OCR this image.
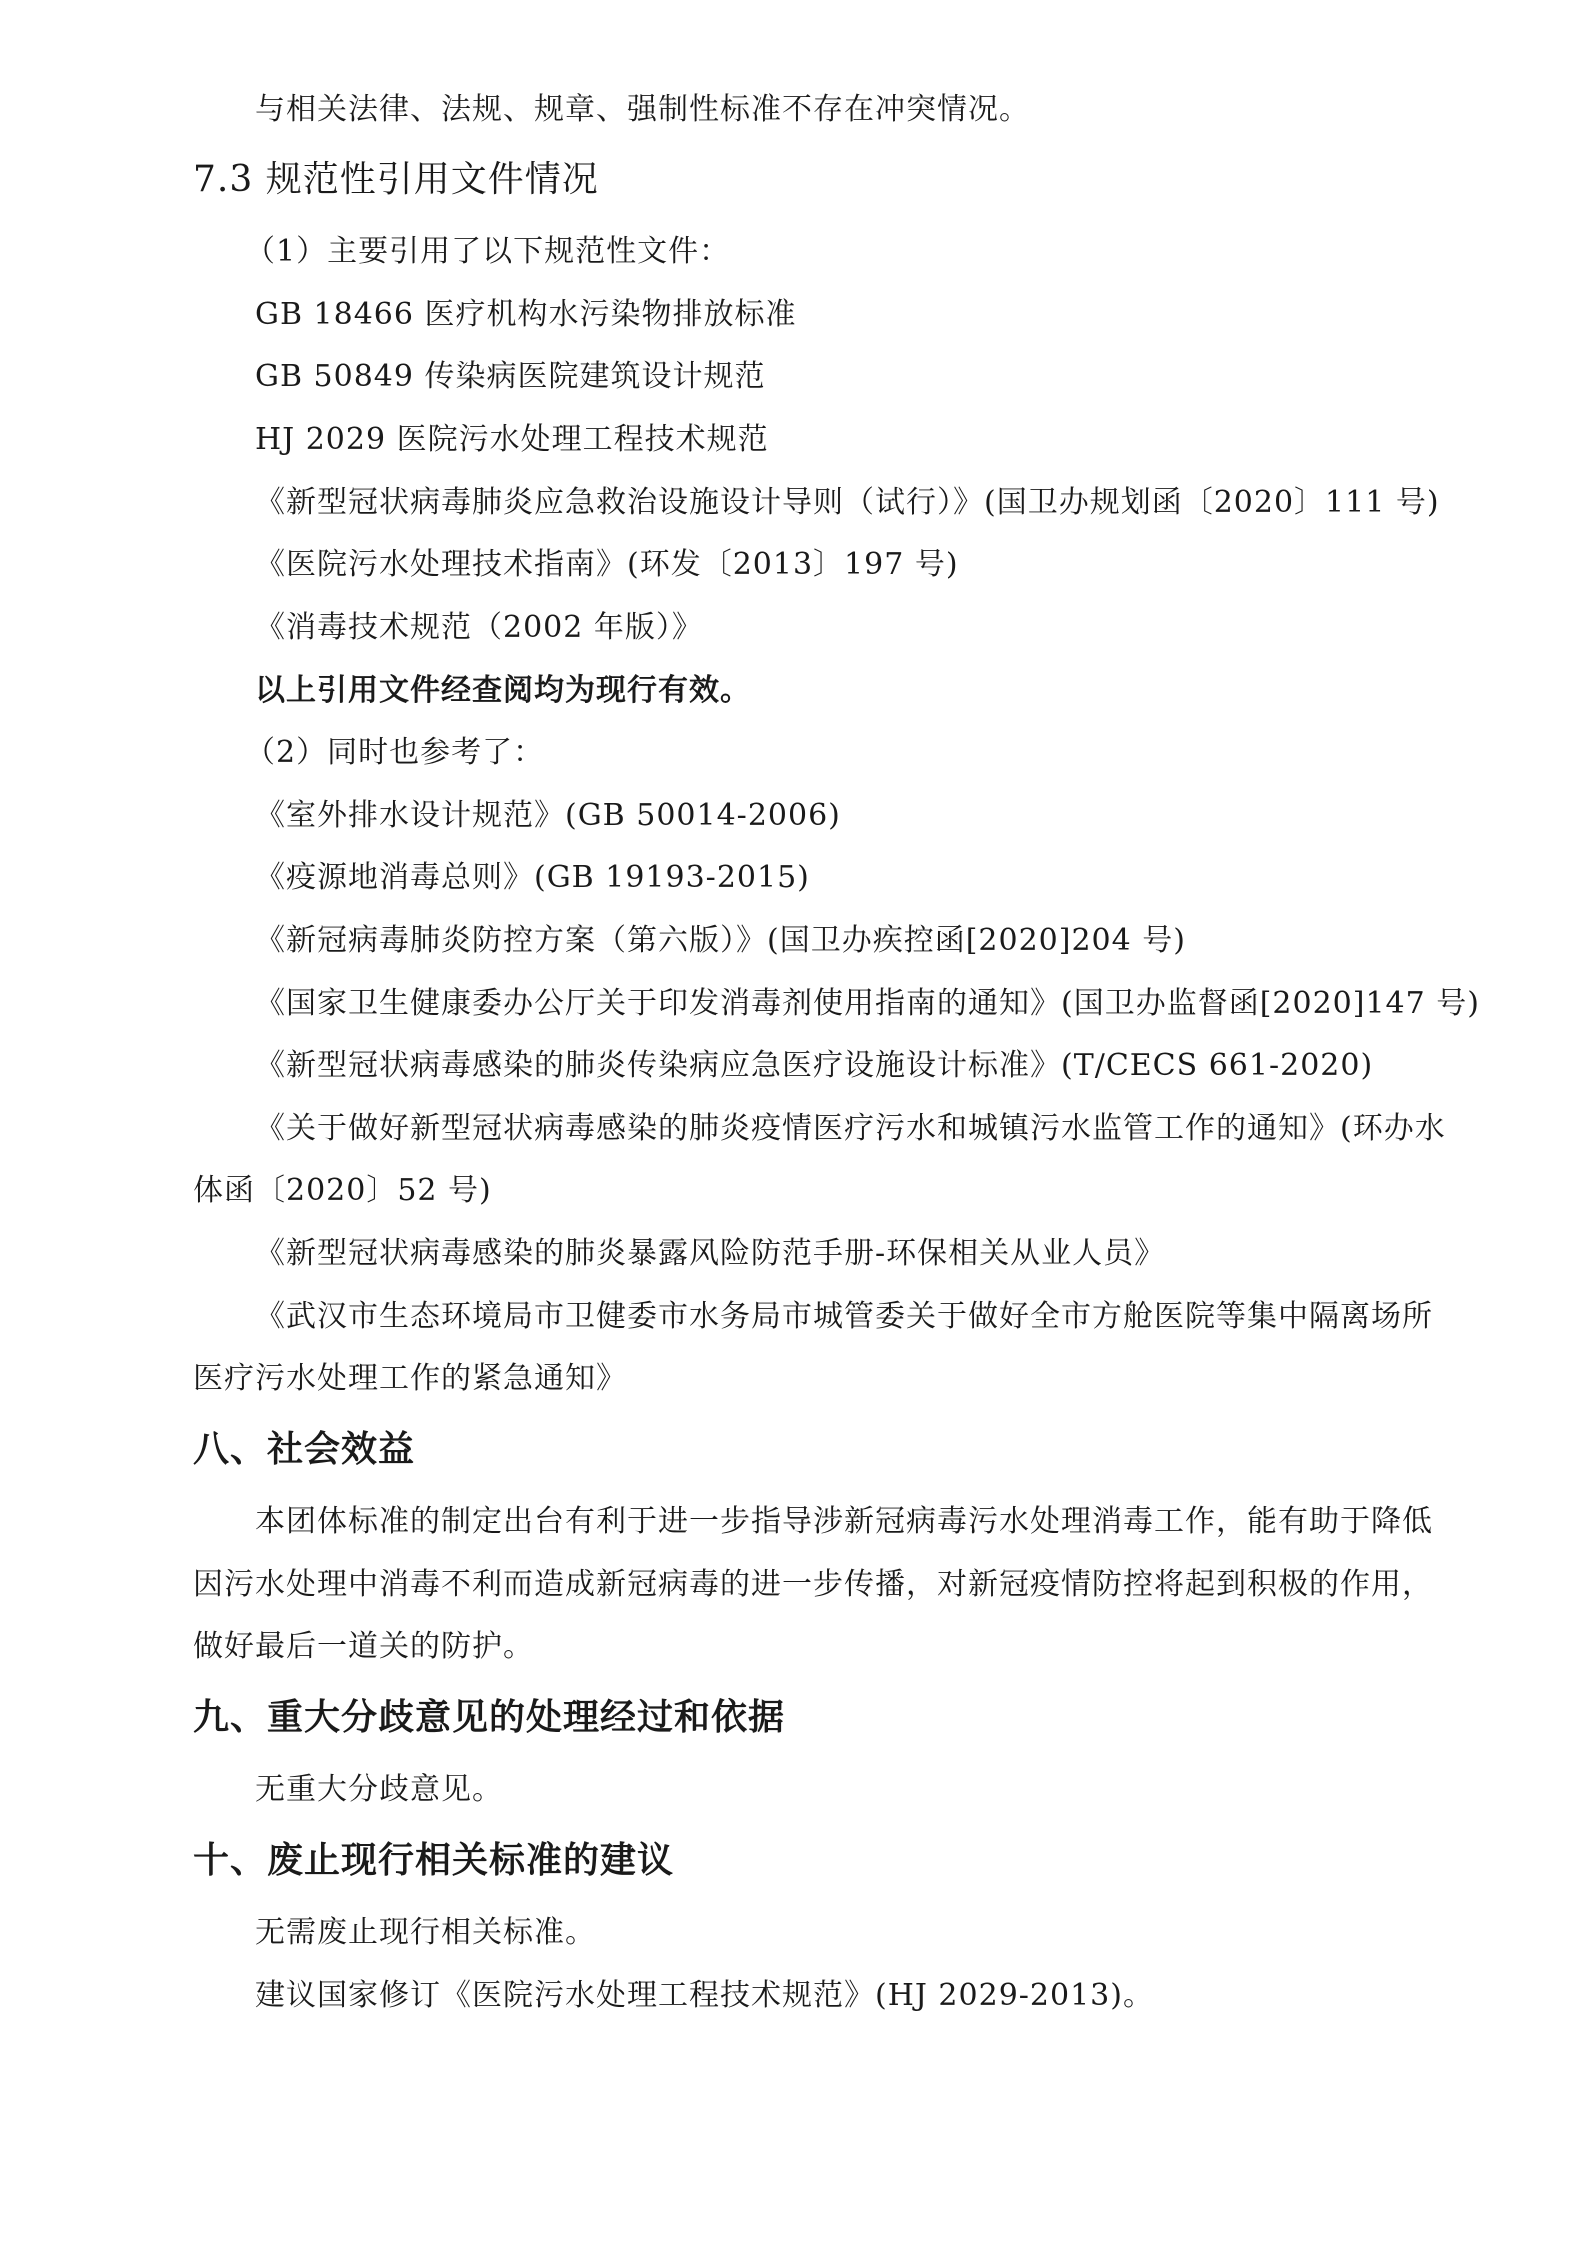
与相关法律、法规、规章、强制性标准不存在冲突情况。
7.3 规范性引用文件情况
（1）主要引用了以下规范性文件：
GB 18466 医疗机构水污染物排放标准
GB 50849 传染病医院建筑设计规范
HJ 2029 医院污水处理工程技术规范
《新型冠状病毒肺炎应急救治设施设计导则（试行）》(国卫办规划函〔2020〕111 号)
《医院污水处理技术指南》(环发〔2013〕197 号)
《消毒技术规范（2002 年版）》
以上引用文件经查阅均为现行有效。
（2）同时也参考了：
《室外排水设计规范》(GB 50014-2006)
《疫源地消毒总则》(GB 19193-2015)
《新冠病毒肺炎防控方案（第六版）》(国卫办疾控函[2020]204 号)
《国家卫生健康委办公厅关于印发消毒剂使用指南的通知》(国卫办监督函[2020]147 号)
《新型冠状病毒感染的肺炎传染病应急医疗设施设计标准》(T/CECS 661-2020)
《关于做好新型冠状病毒感染的肺炎疫情医疗污水和城镇污水监管工作的通知》(环办水
体函〔2020〕52 号)
《新型冠状病毒感染的肺炎暴露风险防范手册-环保相关从业人员》
《武汉市生态环境局市卫健委市水务局市城管委关于做好全市方舱医院等集中隔离场所
医疗污水处理工作的紧急通知》
八、社会效益
本团体标准的制定出台有利于进一步指导涉新冠病毒污水处理消毒工作，能有助于降低
因污水处理中消毒不利而造成新冠病毒的进一步传播，对新冠疫情防控将起到积极的作用，
做好最后一道关的防护。
九、重大分歧意见的处理经过和依据
无重大分歧意见。
十、废止现行相关标准的建议
无需废止现行相关标准。
建议国家修订《医院污水处理工程技术规范》(HJ 2029-2013)。
